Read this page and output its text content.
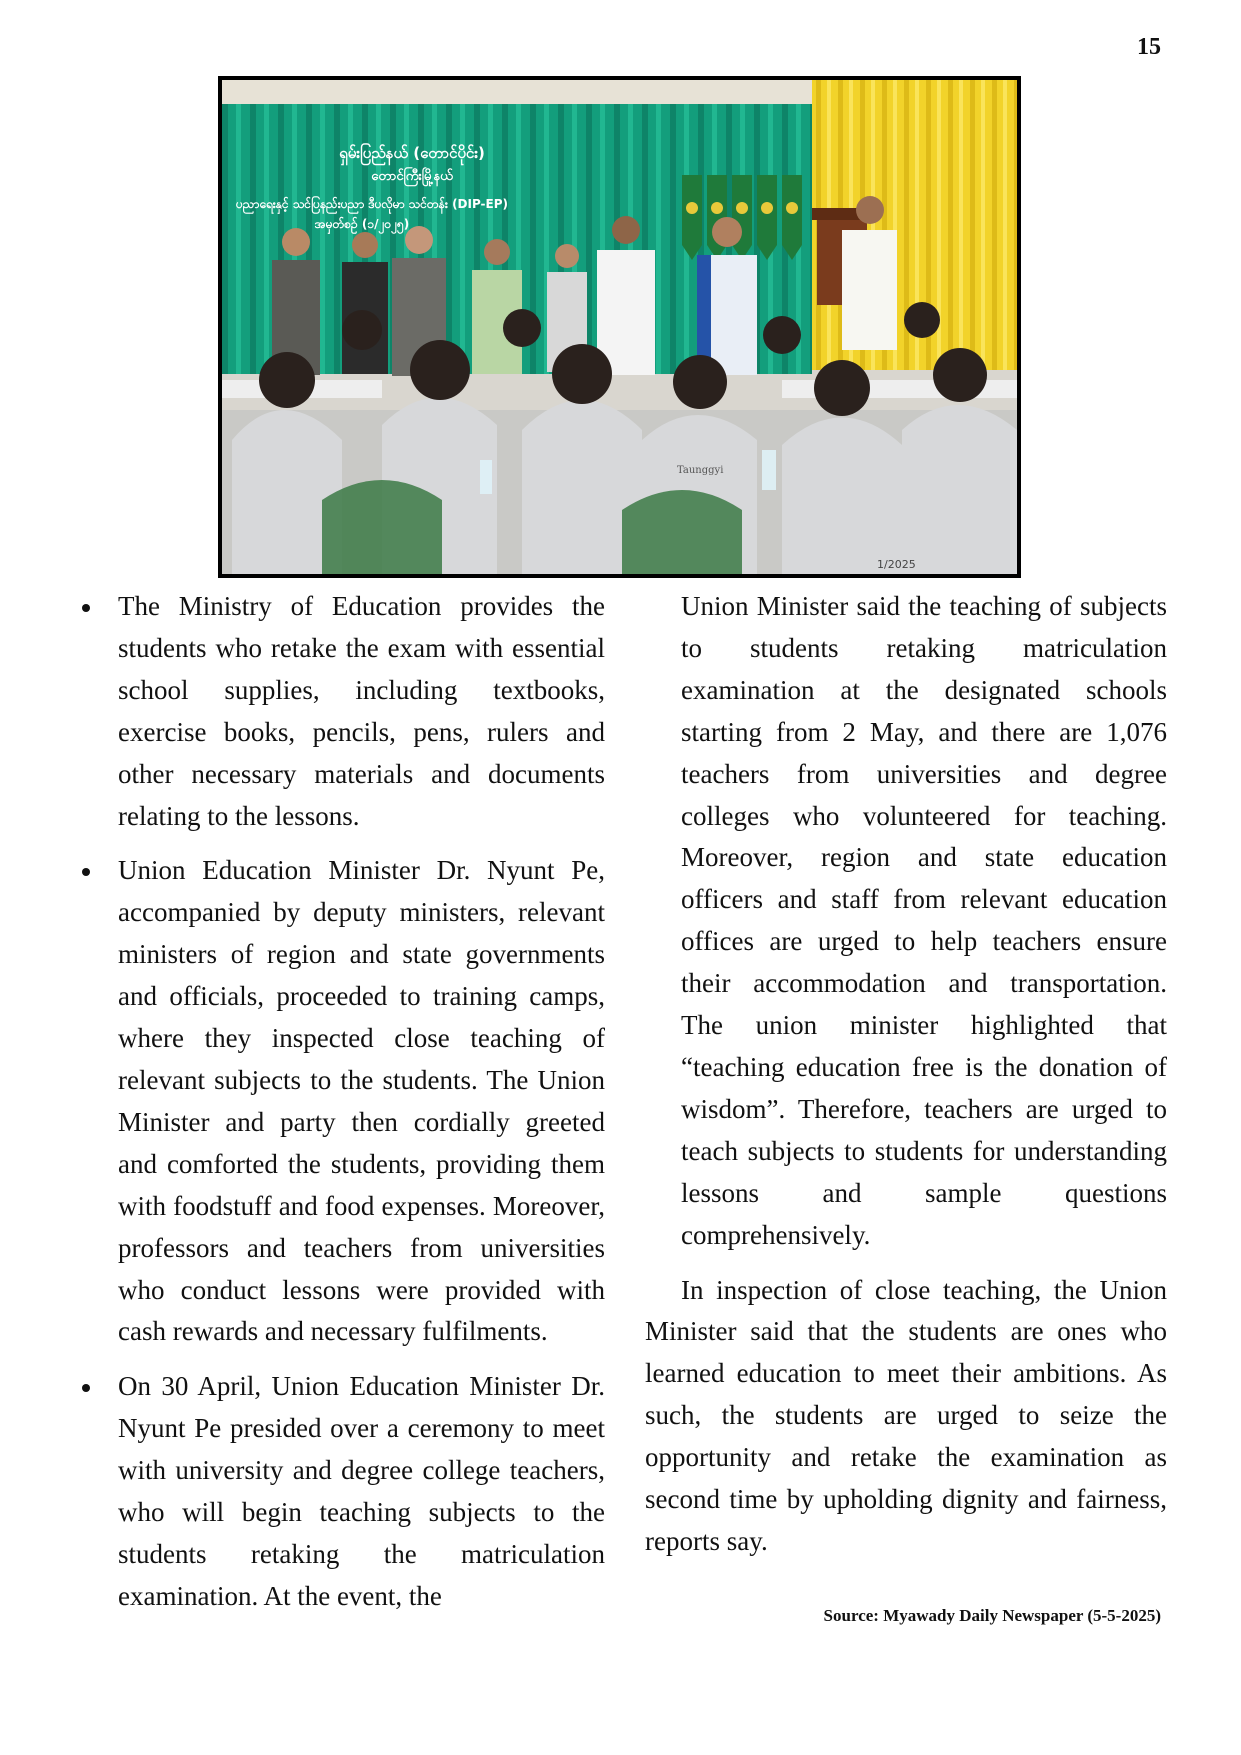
15
ရှမ်းပြည်နယ် (တောင်ပိုင်း)
တောင်ကြီးမြို့နယ်
ပညာရေးနှင့် သင်ပြနည်းပညာ ဒီပလိုမာ သင်တန်း (DIP-EP)
အမှတ်စဉ် (၁/၂၀၂၅)
1/2025
Taunggyi
The Ministry of Education provides the students who retake the exam with essential school supplies, including textbooks, exercise books, pencils, pens, rulers and other necessary materials and documents relating to the lessons.
Union Education Minister Dr. Nyunt Pe, accompanied by deputy ministers, relevant ministers of region and state governments and officials, proceeded to training camps, where they inspected close teaching of relevant subjects to the students. The Union Minister and party then cordially greeted and comforted the students, providing them with foodstuff and food expenses. Moreover, professors and teachers from universities who conduct lessons were provided with cash rewards and necessary fulfilments.
On 30 April, Union Education Minister Dr. Nyunt Pe presided over a ceremony to meet with university and degree college teachers, who will begin teaching subjects to the students retaking the matriculation examination. At the event, the

Union Minister said the teaching of subjects to students retaking matriculation examination at the designated schools starting from 2 May, and there are 1,076 teachers from universities and degree colleges who volunteered for teaching. Moreover, region and state education officers and staff from relevant education offices are urged to help teachers ensure their accommodation and transportation. The union minister highlighted that “teaching education free is the donation of wisdom”. Therefore, teachers are urged to teach subjects to students for understanding lessons and sample questions comprehensively.

In inspection of close teaching, the Union Minister said that the students are ones who learned education to meet their ambitions. As such, the students are urged to seize the opportunity and retake the examination as second time by upholding dignity and fairness, reports say.

Source: Myawady Daily Newspaper (5-5-2025)
